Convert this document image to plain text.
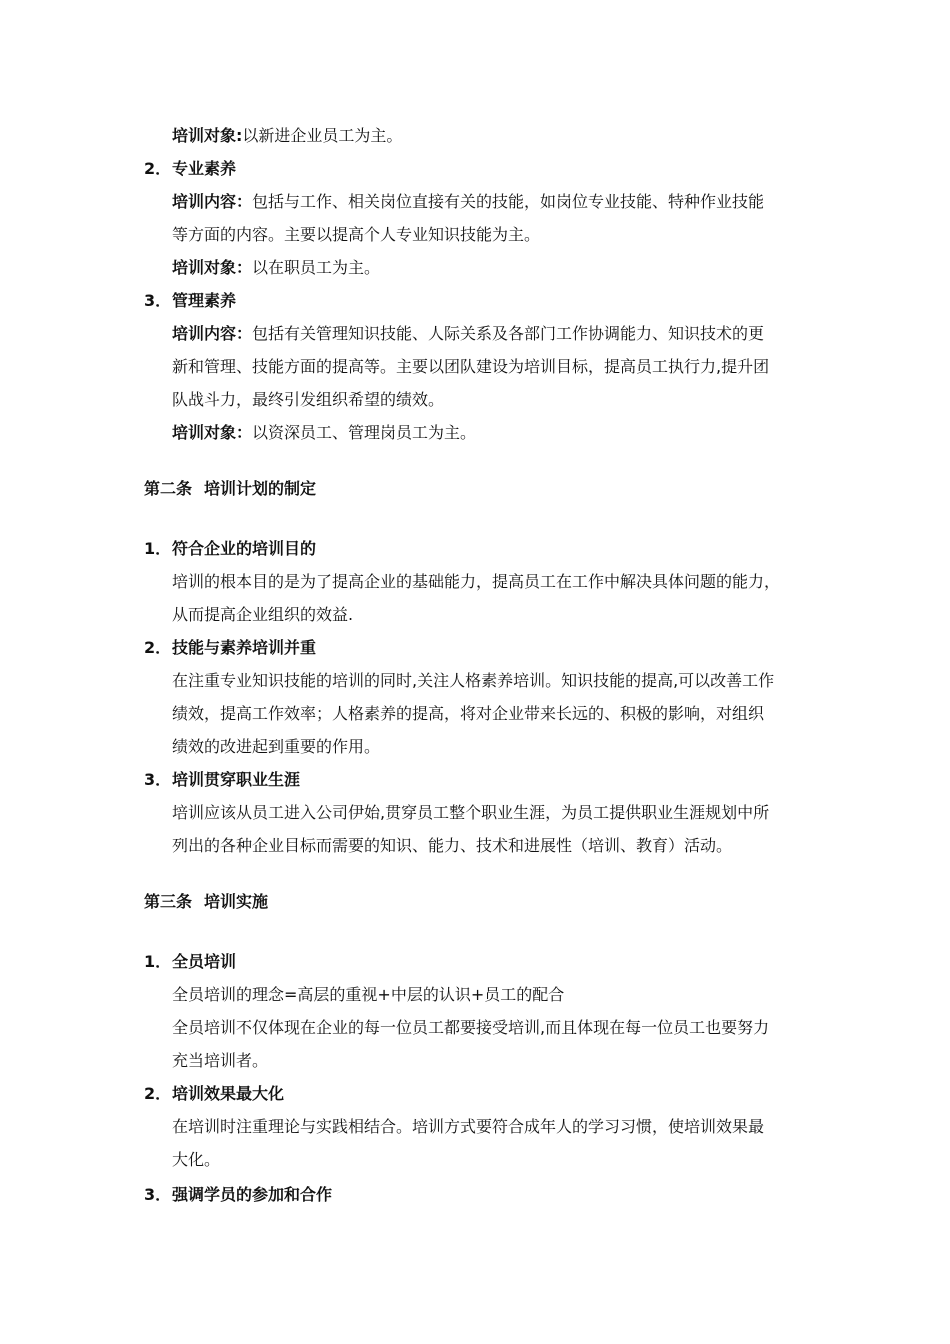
培训对象:以新进企业员工为主。
2．专业素养
培训内容：包括与工作、相关岗位直接有关的技能，如岗位专业技能、特种作业技能
等方面的内容。主要以提高个人专业知识技能为主。
培训对象：以在职员工为主。
3．管理素养
培训内容：包括有关管理知识技能、人际关系及各部门工作协调能力、知识技术的更
新和管理、技能方面的提高等。主要以团队建设为培训目标，提高员工执行力,提升团
队战斗力，最终引发组织希望的绩效。
培训对象：以资深员工、管理岗员工为主。
第二条 培训计划的制定
1．符合企业的培训目的
培训的根本目的是为了提高企业的基础能力，提高员工在工作中解决具体问题的能力，
从而提高企业组织的效益.
2．技能与素养培训并重
在注重专业知识技能的培训的同时,关注人格素养培训。知识技能的提高,可以改善工作
绩效，提高工作效率；人格素养的提高，将对企业带来长远的、积极的影响，对组织
绩效的改进起到重要的作用。
3．培训贯穿职业生涯
培训应该从员工进入公司伊始,贯穿员工整个职业生涯，为员工提供职业生涯规划中所
列出的各种企业目标而需要的知识、能力、技术和进展性（培训、教育）活动。
第三条 培训实施
1．全员培训
全员培训的理念=高层的重视+中层的认识+员工的配合
全员培训不仅体现在企业的每一位员工都要接受培训,而且体现在每一位员工也要努力
充当培训者。
2．培训效果最大化
在培训时注重理论与实践相结合。培训方式要符合成年人的学习习惯，使培训效果最
大化。
3．强调学员的参加和合作
